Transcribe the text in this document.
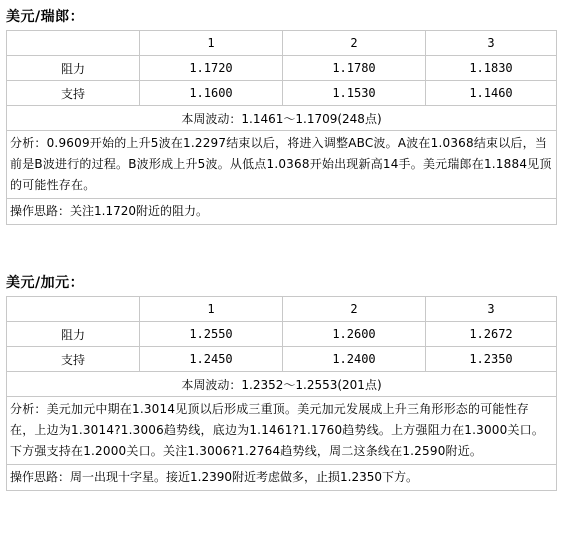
美元/瑞郎：
	1	2	3
阻力	1.1720	1.1780	1.1830
支持	1.1600	1.1530	1.1460
本周波动：1.1461～1.1709(248点)			
分析：0.9609开始的上升5波在1.2297结束以后，将进入调整ABC波。A波在1.0368结束以后，当前是B波进行的过程。B波形成上升5波。从低点1.0368开始出现新高14手。美元瑞郎在1.1884见顶的可能性存在。			
操作思路：关注1.1720附近的阻力。			
美元/加元：
	1	2	3
阻力	1.2550	1.2600	1.2672
支持	1.2450	1.2400	1.2350
本周波动：1.2352～1.2553(201点)			
分析：美元加元中期在1.3014见顶以后形成三重顶。美元加元发展成上升三角形形态的可能性存在，上边为1.3014?1.3006趋势线，底边为1.1461?1.1760趋势线。上方强阻力在1.3000关口。下方强支持在1.2000关口。关注1.3006?1.2764趋势线，周二这条线在1.2590附近。			
操作思路：周一出现十字星。接近1.2390附近考虑做多，止损1.2350下方。			
